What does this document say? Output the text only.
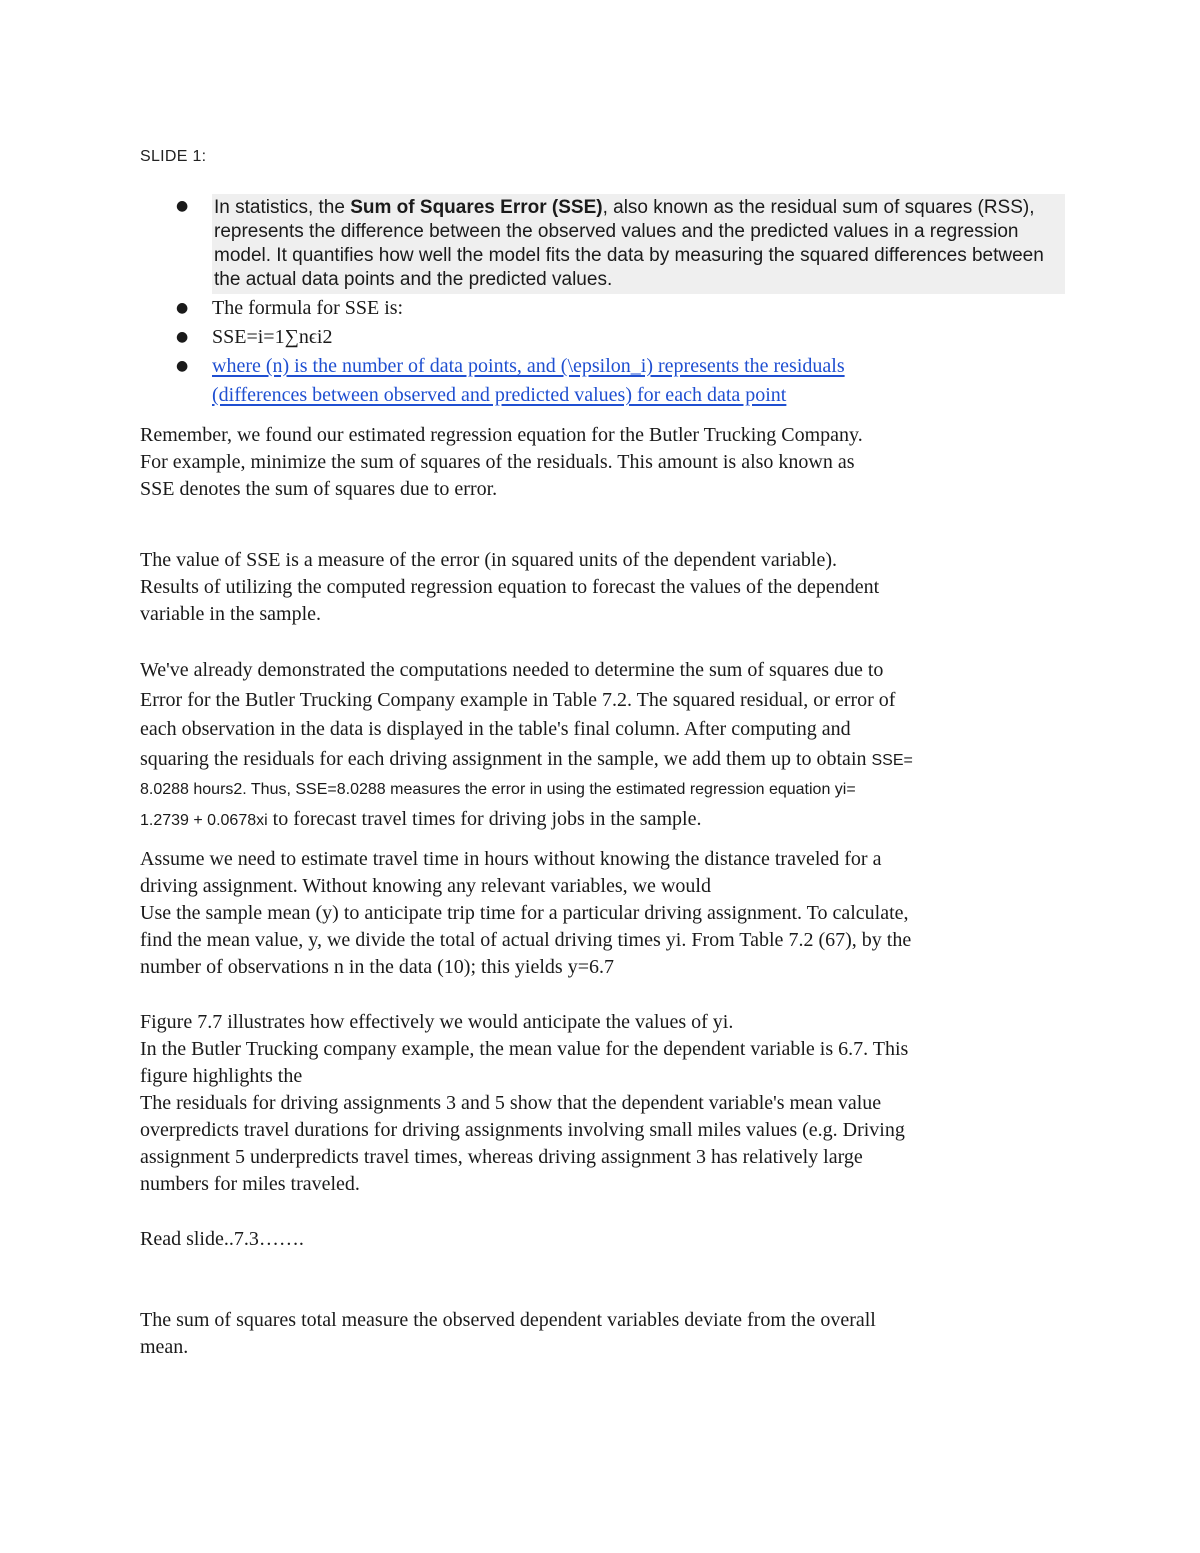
SLIDE 1:
● In statistics, the Sum of Squares Error (SSE), also known as the residual sum of squares (RSS), represents the difference between the observed values and the predicted values in a regression model. It quantifies how well the model fits the data by measuring the squared differences between the actual data points and the predicted values.
● The formula for SSE is:
● SSE=i=1∑nϵi2
● where (n) is the number of data points, and (\epsilon_i) represents the residuals
(differences between observed and predicted values) for each data point

Remember, we found our estimated regression equation for the Butler Trucking Company.
For example, minimize the sum of squares of the residuals. This amount is also known as
SSE denotes the sum of squares due to error.

The value of SSE is a measure of the error (in squared units of the dependent variable).
Results of utilizing the computed regression equation to forecast the values of the dependent
variable in the sample.

We've already demonstrated the computations needed to determine the sum of squares due to
Error for the Butler Trucking Company example in Table 7.2. The squared residual, or error of
each observation in the data is displayed in the table's final column. After computing and
squaring the residuals for each driving assignment in the sample, we add them up to obtain SSE=
8.0288 hours2. Thus, SSE=8.0288 measures the error in using the estimated regression equation yi=
1.2739 + 0.0678xi to forecast travel times for driving jobs in the sample.

Assume we need to estimate travel time in hours without knowing the distance traveled for a
driving assignment. Without knowing any relevant variables, we would
Use the sample mean (y) to anticipate trip time for a particular driving assignment. To calculate,
find the mean value, y, we divide the total of actual driving times yi. From Table 7.2 (67), by the
number of observations n in the data (10); this yields y=6.7

Figure 7.7 illustrates how effectively we would anticipate the values of yi.
In the Butler Trucking company example, the mean value for the dependent variable is 6.7. This
figure highlights the
The residuals for driving assignments 3 and 5 show that the dependent variable's mean value
overpredicts travel durations for driving assignments involving small miles values (e.g. Driving
assignment 5 underpredicts travel times, whereas driving assignment 3 has relatively large
numbers for miles traveled.

Read slide..7.3…….

The sum of squares total measure the observed dependent variables deviate from the overall
mean.
